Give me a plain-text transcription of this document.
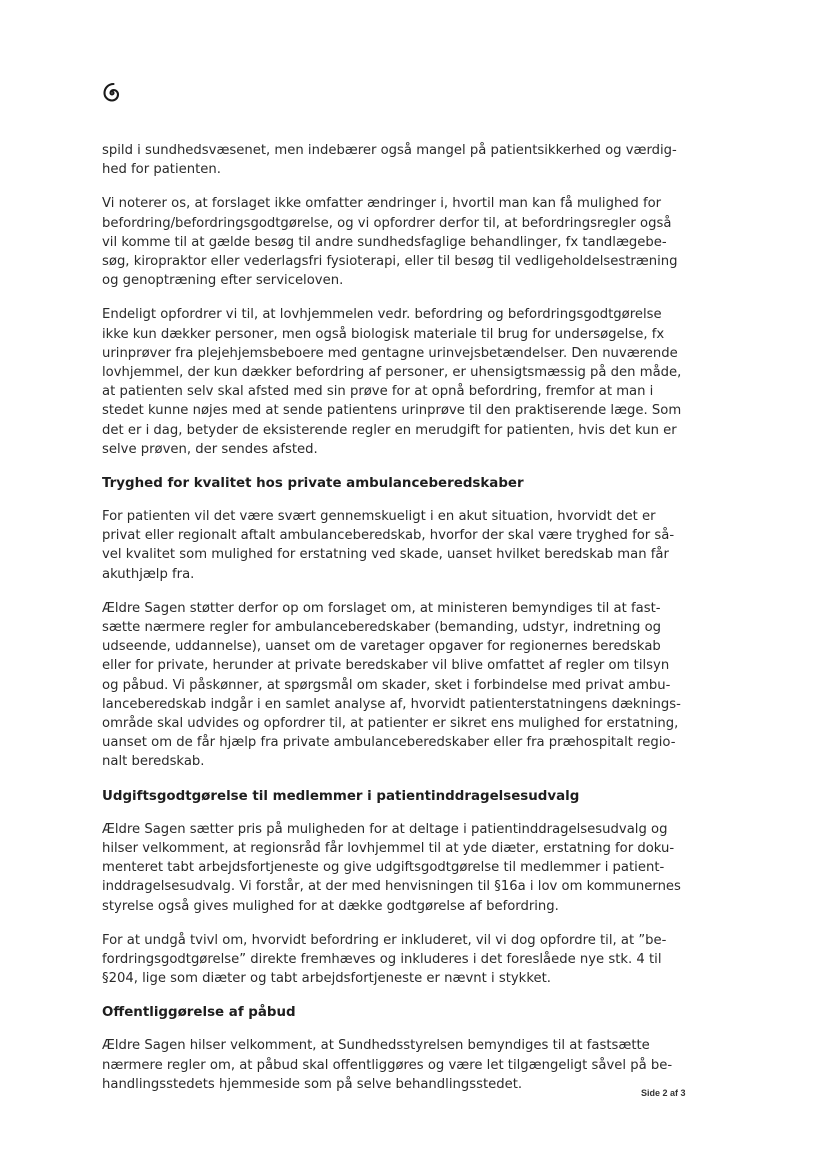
spild i sundhedsvæsenet, men indebærer også mangel på patientsikkerhed og værdig-
hed for patienten.

Vi noterer os, at forslaget ikke omfatter ændringer i, hvortil man kan få mulighed for
befordring/befordringsgodtgørelse, og vi opfordrer derfor til, at befordringsregler også
vil komme til at gælde besøg til andre sundhedsfaglige behandlinger, fx tandlægebe-
søg, kiropraktor eller vederlagsfri fysioterapi, eller til besøg til vedligeholdelsestræning
og genoptræning efter serviceloven.

Endeligt opfordrer vi til, at lovhjemmelen vedr. befordring og befordringsgodtgørelse
ikke kun dækker personer, men også biologisk materiale til brug for undersøgelse, fx
urinprøver fra plejehjemsbeboere med gentagne urinvejsbetændelser. Den nuværende
lovhjemmel, der kun dækker befordring af personer, er uhensigtsmæssig på den måde,
at patienten selv skal afsted med sin prøve for at opnå befordring, fremfor at man i
stedet kunne nøjes med at sende patientens urinprøve til den praktiserende læge. Som
det er i dag, betyder de eksisterende regler en merudgift for patienten, hvis det kun er
selve prøven, der sendes afsted.

Tryghed for kvalitet hos private ambulanceberedskaber

For patienten vil det være svært gennemskueligt i en akut situation, hvorvidt det er
privat eller regionalt aftalt ambulanceberedskab, hvorfor der skal være tryghed for så-
vel kvalitet som mulighed for erstatning ved skade, uanset hvilket beredskab man får
akuthjælp fra.

Ældre Sagen støtter derfor op om forslaget om, at ministeren bemyndiges til at fast-
sætte nærmere regler for ambulanceberedskaber (bemanding, udstyr, indretning og
udseende, uddannelse), uanset om de varetager opgaver for regionernes beredskab
eller for private, herunder at private beredskaber vil blive omfattet af regler om tilsyn
og påbud. Vi påskønner, at spørgsmål om skader, sket i forbindelse med privat ambu-
lanceberedskab indgår i en samlet analyse af, hvorvidt patienterstatningens dæknings-
område skal udvides og opfordrer til, at patienter er sikret ens mulighed for erstatning,
uanset om de får hjælp fra private ambulanceberedskaber eller fra præhospitalt regio-
nalt beredskab.

Udgiftsgodtgørelse til medlemmer i patientinddragelsesudvalg

Ældre Sagen sætter pris på muligheden for at deltage i patientinddragelsesudvalg og
hilser velkomment, at regionsråd får lovhjemmel til at yde diæter, erstatning for doku-
menteret tabt arbejdsfortjeneste og give udgiftsgodtgørelse til medlemmer i patient-
inddragelsesudvalg. Vi forstår, at der med henvisningen til §16a i lov om kommunernes
styrelse også gives mulighed for at dække godtgørelse af befordring.

For at undgå tvivl om, hvorvidt befordring er inkluderet, vil vi dog opfordre til, at ”be-
fordringsgodtgørelse” direkte fremhæves og inkluderes i det foreslåede nye stk. 4 til
§204, lige som diæter og tabt arbejdsfortjeneste er nævnt i stykket.

Offentliggørelse af påbud

Ældre Sagen hilser velkomment, at Sundhedsstyrelsen bemyndiges til at fastsætte
nærmere regler om, at påbud skal offentliggøres og være let tilgængeligt såvel på be-
handlingsstedets hjemmeside som på selve behandlingsstedet.

Side 2 af 3
